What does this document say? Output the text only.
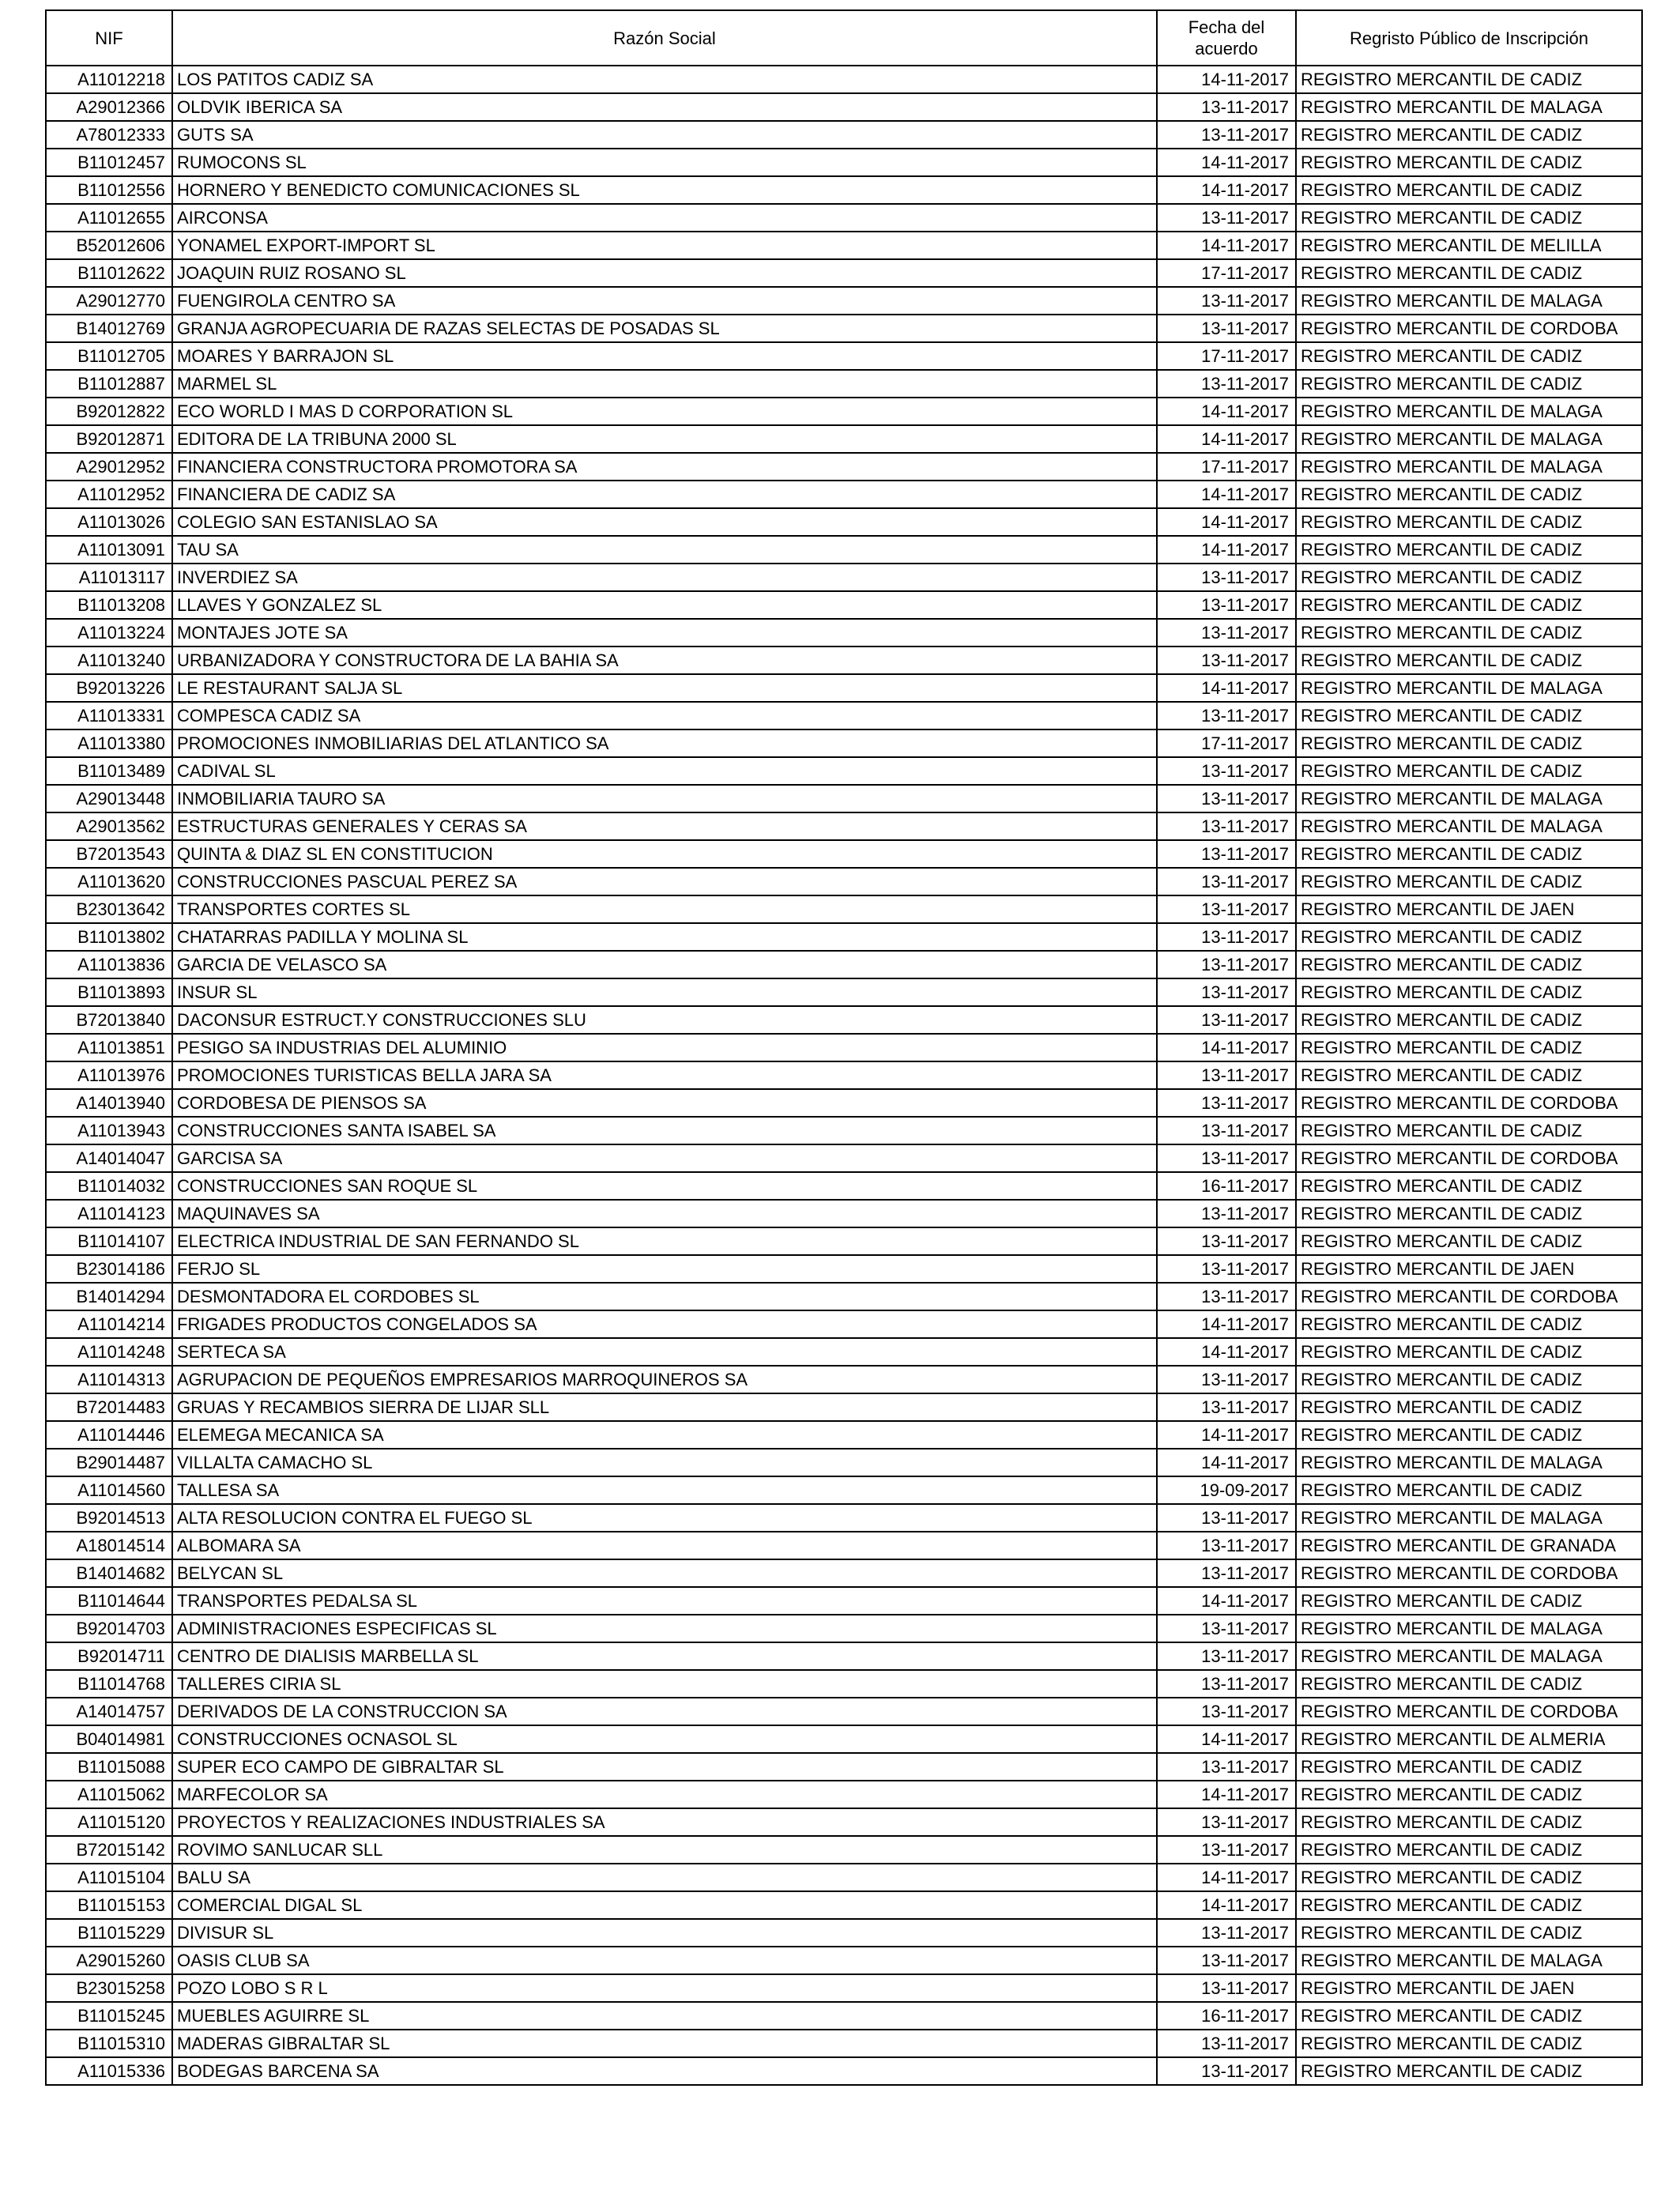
NIF	Razón Social	Fecha del acuerdo	Regristo Público de Inscripción
A11012218	LOS PATITOS CADIZ SA	14-11-2017	REGISTRO MERCANTIL DE CADIZ
A29012366	OLDVIK IBERICA SA	13-11-2017	REGISTRO MERCANTIL DE MALAGA
A78012333	GUTS SA	13-11-2017	REGISTRO MERCANTIL DE CADIZ
B11012457	RUMOCONS SL	14-11-2017	REGISTRO MERCANTIL DE CADIZ
B11012556	HORNERO Y BENEDICTO COMUNICACIONES SL	14-11-2017	REGISTRO MERCANTIL DE CADIZ
A11012655	AIRCONSA	13-11-2017	REGISTRO MERCANTIL DE CADIZ
B52012606	YONAMEL EXPORT-IMPORT SL	14-11-2017	REGISTRO MERCANTIL DE MELILLA
B11012622	JOAQUIN RUIZ ROSANO SL	17-11-2017	REGISTRO MERCANTIL DE CADIZ
A29012770	FUENGIROLA CENTRO SA	13-11-2017	REGISTRO MERCANTIL DE MALAGA
B14012769	GRANJA AGROPECUARIA DE RAZAS SELECTAS DE POSADAS SL	13-11-2017	REGISTRO MERCANTIL DE CORDOBA
B11012705	MOARES Y BARRAJON SL	17-11-2017	REGISTRO MERCANTIL DE CADIZ
B11012887	MARMEL SL	13-11-2017	REGISTRO MERCANTIL DE CADIZ
B92012822	ECO WORLD I MAS D CORPORATION SL	14-11-2017	REGISTRO MERCANTIL DE MALAGA
B92012871	EDITORA DE LA TRIBUNA 2000 SL	14-11-2017	REGISTRO MERCANTIL DE MALAGA
A29012952	FINANCIERA CONSTRUCTORA PROMOTORA SA	17-11-2017	REGISTRO MERCANTIL DE MALAGA
A11012952	FINANCIERA DE CADIZ SA	14-11-2017	REGISTRO MERCANTIL DE CADIZ
A11013026	COLEGIO SAN ESTANISLAO SA	14-11-2017	REGISTRO MERCANTIL DE CADIZ
A11013091	TAU SA	14-11-2017	REGISTRO MERCANTIL DE CADIZ
A11013117	INVERDIEZ SA	13-11-2017	REGISTRO MERCANTIL DE CADIZ
B11013208	LLAVES Y GONZALEZ SL	13-11-2017	REGISTRO MERCANTIL DE CADIZ
A11013224	MONTAJES JOTE SA	13-11-2017	REGISTRO MERCANTIL DE CADIZ
A11013240	URBANIZADORA Y CONSTRUCTORA DE LA BAHIA SA	13-11-2017	REGISTRO MERCANTIL DE CADIZ
B92013226	LE RESTAURANT SALJA SL	14-11-2017	REGISTRO MERCANTIL DE MALAGA
A11013331	COMPESCA CADIZ SA	13-11-2017	REGISTRO MERCANTIL DE CADIZ
A11013380	PROMOCIONES INMOBILIARIAS DEL ATLANTICO SA	17-11-2017	REGISTRO MERCANTIL DE CADIZ
B11013489	CADIVAL SL	13-11-2017	REGISTRO MERCANTIL DE CADIZ
A29013448	INMOBILIARIA TAURO SA	13-11-2017	REGISTRO MERCANTIL DE MALAGA
A29013562	ESTRUCTURAS GENERALES Y CERAS SA	13-11-2017	REGISTRO MERCANTIL DE MALAGA
B72013543	QUINTA & DIAZ SL EN CONSTITUCION	13-11-2017	REGISTRO MERCANTIL DE CADIZ
A11013620	CONSTRUCCIONES PASCUAL PEREZ SA	13-11-2017	REGISTRO MERCANTIL DE CADIZ
B23013642	TRANSPORTES CORTES SL	13-11-2017	REGISTRO MERCANTIL DE JAEN
B11013802	CHATARRAS PADILLA Y MOLINA SL	13-11-2017	REGISTRO MERCANTIL DE CADIZ
A11013836	GARCIA DE VELASCO SA	13-11-2017	REGISTRO MERCANTIL DE CADIZ
B11013893	INSUR SL	13-11-2017	REGISTRO MERCANTIL DE CADIZ
B72013840	DACONSUR ESTRUCT.Y CONSTRUCCIONES SLU	13-11-2017	REGISTRO MERCANTIL DE CADIZ
A11013851	PESIGO SA INDUSTRIAS DEL ALUMINIO	14-11-2017	REGISTRO MERCANTIL DE CADIZ
A11013976	PROMOCIONES TURISTICAS BELLA JARA SA	13-11-2017	REGISTRO MERCANTIL DE CADIZ
A14013940	CORDOBESA DE PIENSOS SA	13-11-2017	REGISTRO MERCANTIL DE CORDOBA
A11013943	CONSTRUCCIONES SANTA ISABEL SA	13-11-2017	REGISTRO MERCANTIL DE CADIZ
A14014047	GARCISA SA	13-11-2017	REGISTRO MERCANTIL DE CORDOBA
B11014032	CONSTRUCCIONES SAN ROQUE SL	16-11-2017	REGISTRO MERCANTIL DE CADIZ
A11014123	MAQUINAVES SA	13-11-2017	REGISTRO MERCANTIL DE CADIZ
B11014107	ELECTRICA INDUSTRIAL DE SAN FERNANDO SL	13-11-2017	REGISTRO MERCANTIL DE CADIZ
B23014186	FERJO SL	13-11-2017	REGISTRO MERCANTIL DE JAEN
B14014294	DESMONTADORA EL CORDOBES SL	13-11-2017	REGISTRO MERCANTIL DE CORDOBA
A11014214	FRIGADES PRODUCTOS CONGELADOS SA	14-11-2017	REGISTRO MERCANTIL DE CADIZ
A11014248	SERTECA SA	14-11-2017	REGISTRO MERCANTIL DE CADIZ
A11014313	AGRUPACION DE PEQUEÑOS EMPRESARIOS MARROQUINEROS SA	13-11-2017	REGISTRO MERCANTIL DE CADIZ
B72014483	GRUAS Y RECAMBIOS SIERRA DE LIJAR SLL	13-11-2017	REGISTRO MERCANTIL DE CADIZ
A11014446	ELEMEGA MECANICA SA	14-11-2017	REGISTRO MERCANTIL DE CADIZ
B29014487	VILLALTA CAMACHO SL	14-11-2017	REGISTRO MERCANTIL DE MALAGA
A11014560	TALLESA SA	19-09-2017	REGISTRO MERCANTIL DE CADIZ
B92014513	ALTA RESOLUCION CONTRA EL FUEGO SL	13-11-2017	REGISTRO MERCANTIL DE MALAGA
A18014514	ALBOMARA SA	13-11-2017	REGISTRO MERCANTIL DE GRANADA
B14014682	BELYCAN SL	13-11-2017	REGISTRO MERCANTIL DE CORDOBA
B11014644	TRANSPORTES PEDALSA SL	14-11-2017	REGISTRO MERCANTIL DE CADIZ
B92014703	ADMINISTRACIONES ESPECIFICAS SL	13-11-2017	REGISTRO MERCANTIL DE MALAGA
B92014711	CENTRO DE DIALISIS MARBELLA SL	13-11-2017	REGISTRO MERCANTIL DE MALAGA
B11014768	TALLERES CIRIA SL	13-11-2017	REGISTRO MERCANTIL DE CADIZ
A14014757	DERIVADOS DE LA CONSTRUCCION SA	13-11-2017	REGISTRO MERCANTIL DE CORDOBA
B04014981	CONSTRUCCIONES OCNASOL SL	14-11-2017	REGISTRO MERCANTIL DE ALMERIA
B11015088	SUPER ECO CAMPO DE GIBRALTAR SL	13-11-2017	REGISTRO MERCANTIL DE CADIZ
A11015062	MARFECOLOR SA	14-11-2017	REGISTRO MERCANTIL DE CADIZ
A11015120	PROYECTOS Y REALIZACIONES INDUSTRIALES SA	13-11-2017	REGISTRO MERCANTIL DE CADIZ
B72015142	ROVIMO SANLUCAR SLL	13-11-2017	REGISTRO MERCANTIL DE CADIZ
A11015104	BALU SA	14-11-2017	REGISTRO MERCANTIL DE CADIZ
B11015153	COMERCIAL DIGAL SL	14-11-2017	REGISTRO MERCANTIL DE CADIZ
B11015229	DIVISUR SL	13-11-2017	REGISTRO MERCANTIL DE CADIZ
A29015260	OASIS CLUB SA	13-11-2017	REGISTRO MERCANTIL DE MALAGA
B23015258	POZO LOBO S R L	13-11-2017	REGISTRO MERCANTIL DE JAEN
B11015245	MUEBLES AGUIRRE SL	16-11-2017	REGISTRO MERCANTIL DE CADIZ
B11015310	MADERAS GIBRALTAR SL	13-11-2017	REGISTRO MERCANTIL DE CADIZ
A11015336	BODEGAS BARCENA SA	13-11-2017	REGISTRO MERCANTIL DE CADIZ
